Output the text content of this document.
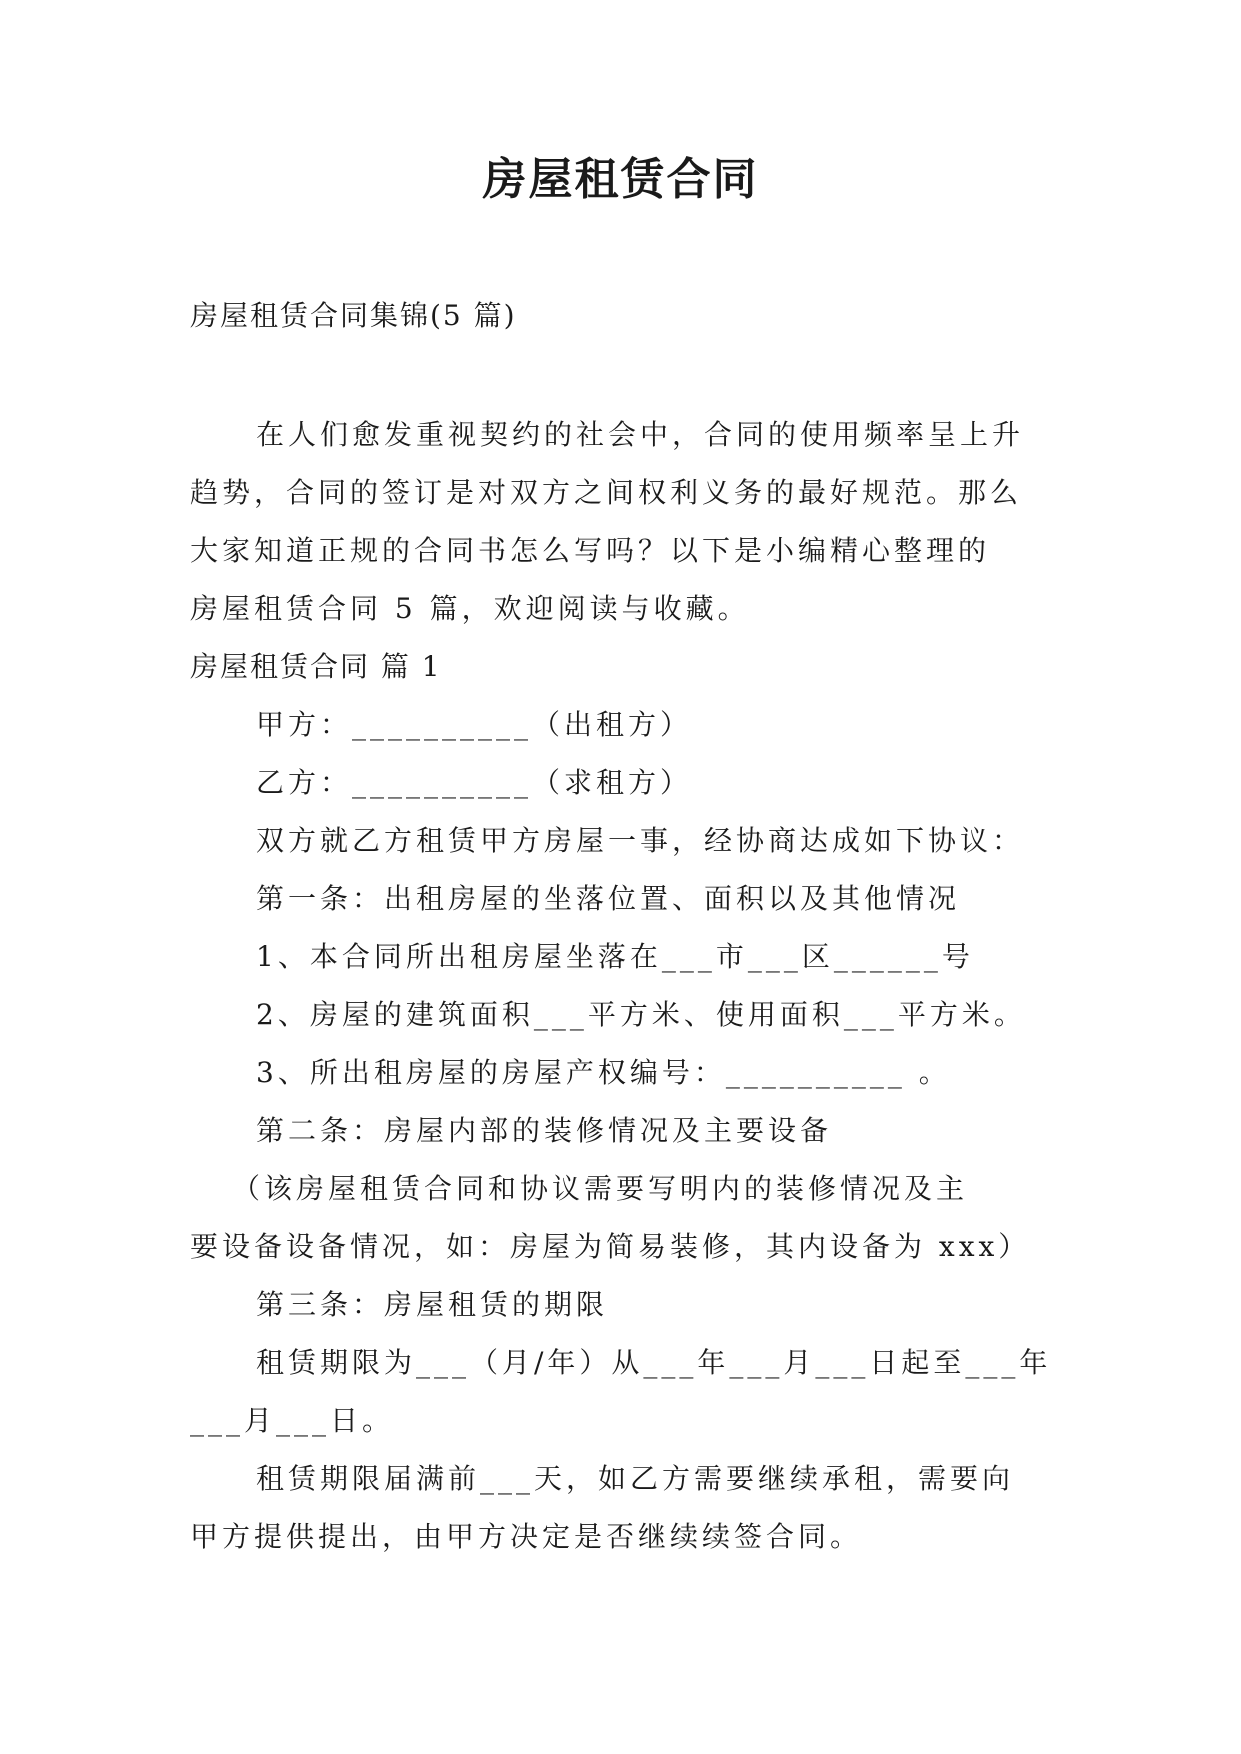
房屋租赁合同
房屋租赁合同集锦(5 篇)

在人们愈发重视契约的社会中，合同的使用频率呈上升

趋势，合同的签订是对双方之间权利义务的最好规范。那么

大家知道正规的合同书怎么写吗？以下是小编精心整理的

房屋租赁合同 5 篇，欢迎阅读与收藏。

房屋租赁合同 篇 1

甲方：__________（出租方）

乙方：__________（求租方）

双方就乙方租赁甲方房屋一事，经协商达成如下协议：

第一条：出租房屋的坐落位置、面积以及其他情况

1、本合同所出租房屋坐落在___市___区______号

2、房屋的建筑面积___平方米、使用面积___平方米。

3、所出租房屋的房屋产权编号：__________ 。

第二条：房屋内部的装修情况及主要设备

（该房屋租赁合同和协议需要写明内的装修情况及主

要设备设备情况，如：房屋为简易装修，其内设备为 xxx）

第三条：房屋租赁的期限

租赁期限为___（月/年）从___年___月___日起至___年

___月___日。

租赁期限届满前___天，如乙方需要继续承租，需要向

甲方提供提出，由甲方决定是否继续续签合同。
